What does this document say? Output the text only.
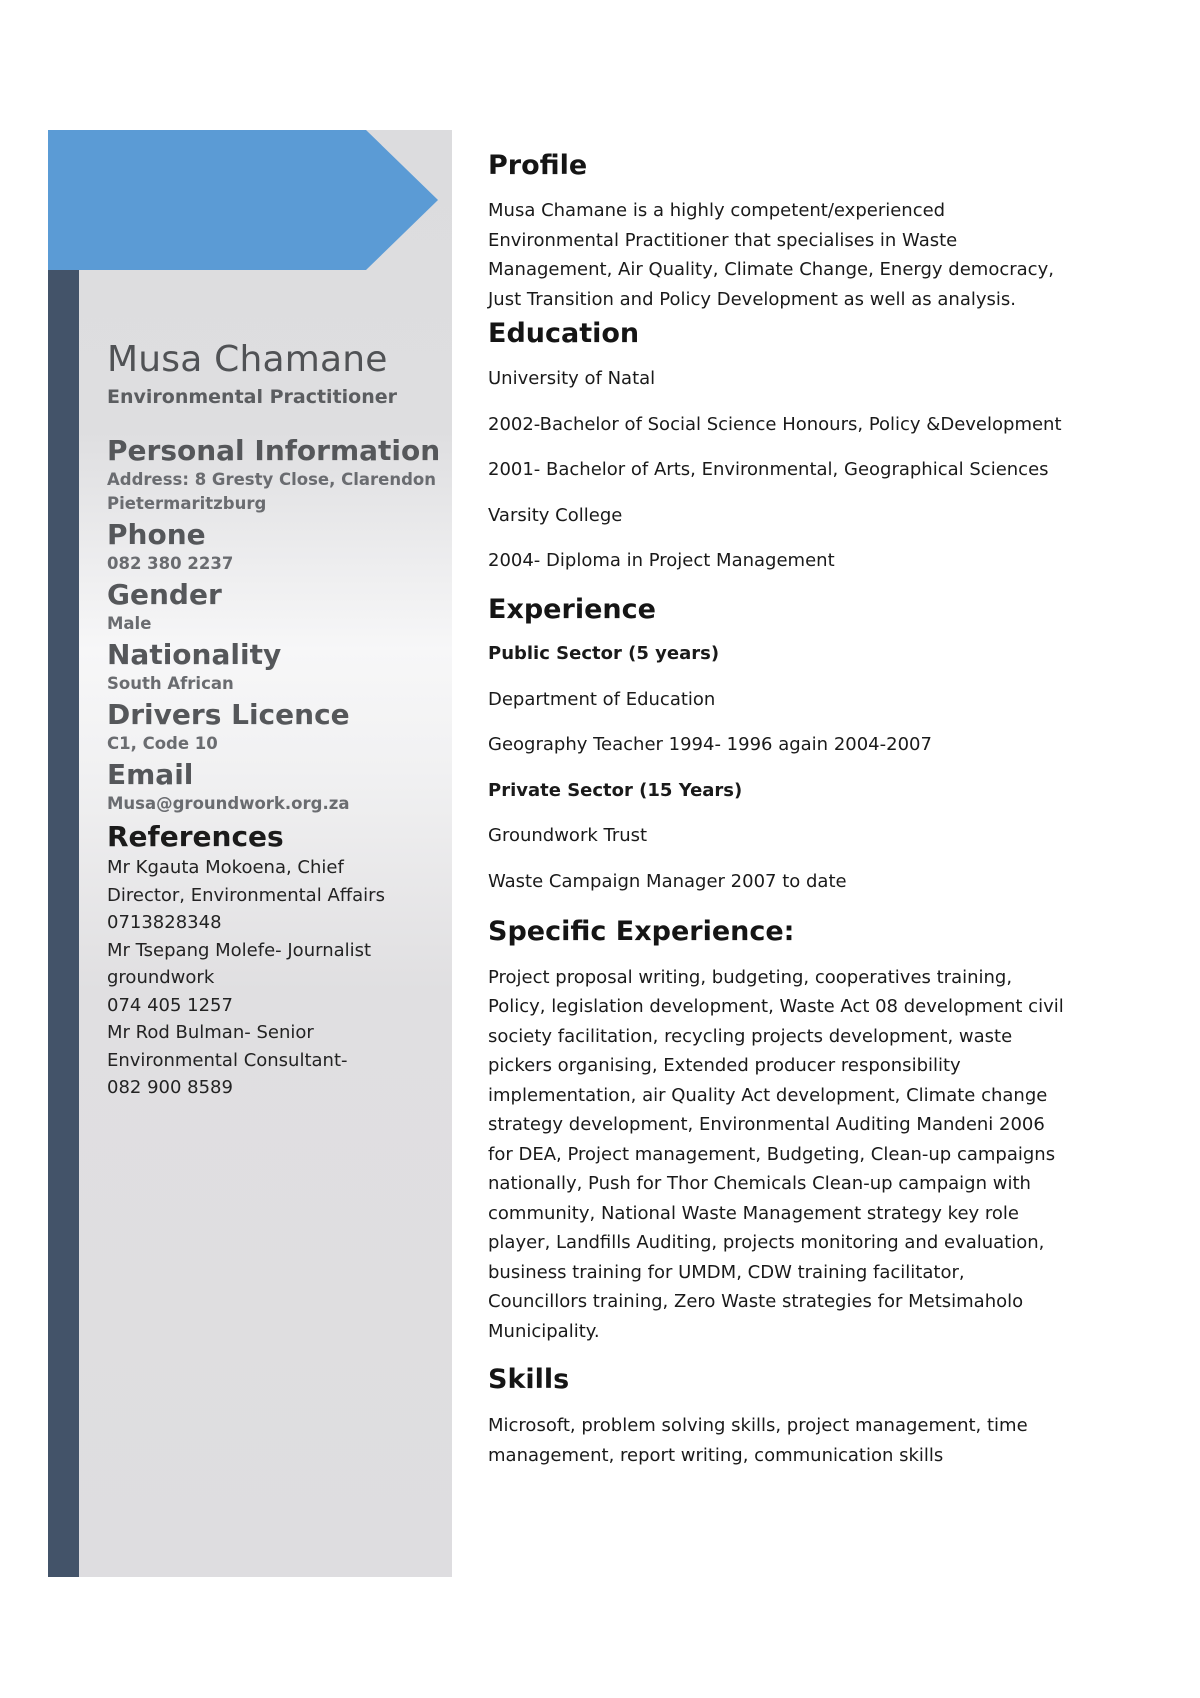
Musa Chamane
Environmental Practitioner
Personal Information
Address: 8 Gresty Close, Clarendon
Pietermaritzburg
Phone
082 380 2237
Gender
Male
Nationality
South African
Drivers Licence
C1, Code 10
Email
Musa@groundwork.org.za
References
Mr Kgauta Mokoena, Chief
Director, Environmental Affairs
0713828348
Mr Tsepang Molefe- Journalist
groundwork
074 405 1257
Mr Rod Bulman- Senior
Environmental Consultant-
082 900 8589
Profile
Musa Chamane is a highly competent/experienced
Environmental Practitioner that specialises in Waste
Management, Air Quality, Climate Change, Energy democracy,
Just Transition and Policy Development as well as analysis.
Education
University of Natal
2002-Bachelor of Social Science Honours, Policy &Development
2001- Bachelor of Arts, Environmental, Geographical Sciences
Varsity College
2004- Diploma in Project Management
Experience
Public Sector (5 years)
Department of Education
Geography Teacher 1994- 1996 again 2004-2007
Private Sector (15 Years)
Groundwork Trust
Waste Campaign Manager 2007 to date
Specific Experience:
Project proposal writing, budgeting, cooperatives training,
Policy, legislation development, Waste Act 08 development civil
society facilitation, recycling projects development, waste
pickers organising, Extended producer responsibility
implementation, air Quality Act development, Climate change
strategy development, Environmental Auditing Mandeni 2006
for DEA, Project management, Budgeting, Clean-up campaigns
nationally, Push for Thor Chemicals Clean-up campaign with
community, National Waste Management strategy key role
player, Landfills Auditing, projects monitoring and evaluation,
business training for UMDM, CDW training facilitator,
Councillors training, Zero Waste strategies for Metsimaholo
Municipality.
Skills
Microsoft, problem solving skills, project management, time
management, report writing, communication skills
